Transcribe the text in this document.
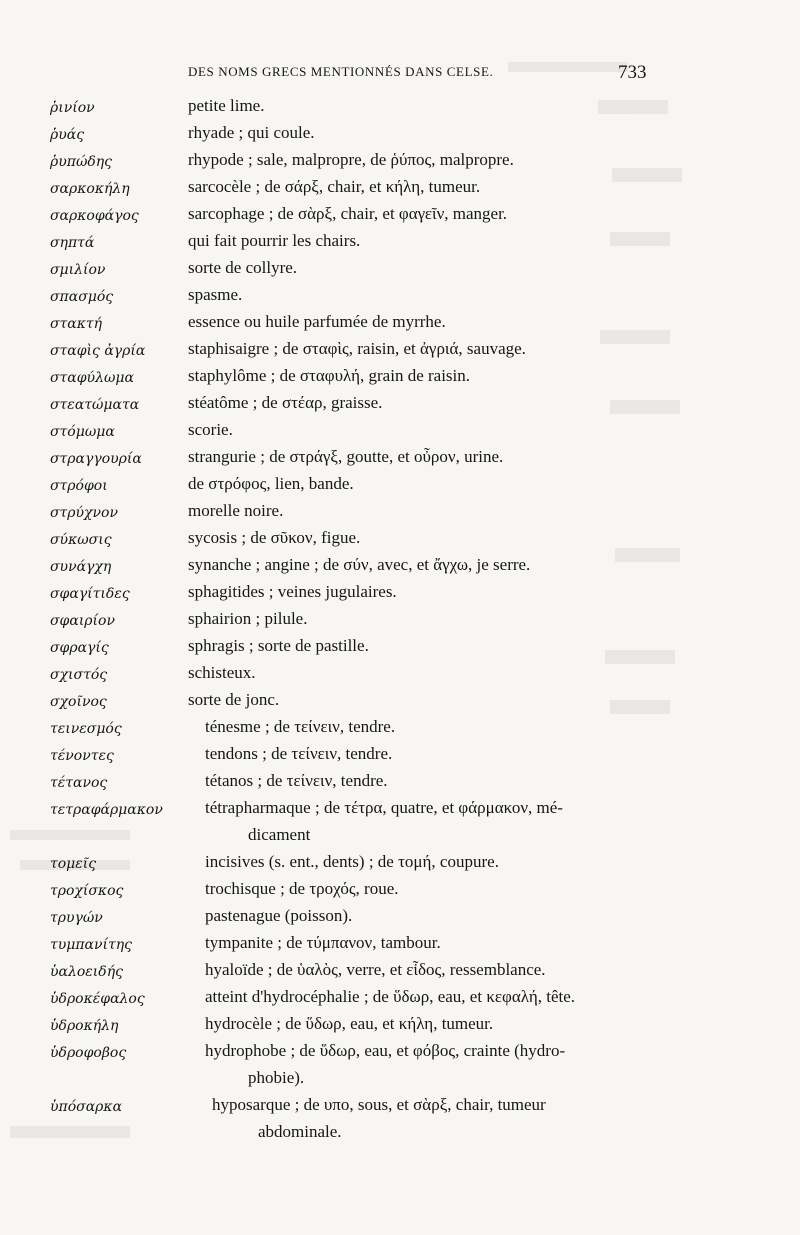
DES NOMS GRECS MENTIONNÉS DANS CELSE.	733
ῥινίον	petite lime.
ῥυάς	rhyade ; qui coule.
ῥυπώδης	rhypode ; sale, malpropre, de ῥύπος, malpropre.
σαρκοκήλη	sarcocèle ; de σάρξ, chair, et κήλη, tumeur.
σαρκοφάγος	sarcophage ; de σὰρξ, chair, et φαγεῖν, manger.
σηπτά	qui fait pourrir les chairs.
σμιλίον	sorte de collyre.
σπασμός	spasme.
στακτή	essence ou huile parfumée de myrrhe.
σταφὶς ἀγρία	staphisaigre ; de σταφὶς, raisin, et ἀγριά, sauvage.
σταφύλωμα	staphylôme ; de σταφυλή, grain de raisin.
στεατώματα	stéatôme ; de στέαρ, graisse.
στόμωμα	scorie.
στραγγουρία	strangurie ; de στράγξ, goutte, et οὖρον, urine.
στρόφοι	de στρόφος, lien, bande.
στρύχνον	morelle noire.
σύκωσις	sycosis ; de σῦκον, figue.
συνάγχη	synanche ; angine ; de σύν, avec, et ἄγχω, je serre.
σφαγίτιδες	sphagitides ; veines jugulaires.
σφαιρίον	sphairion ; pilule.
σφραγίς	sphragis ; sorte de pastille.
σχιστός	schisteux.
σχοῖνος	sorte de jonc.
τεινεσμός	ténesme ; de τείνειν, tendre.
τένοντες	tendons ; de τείνειν, tendre.
τέτανος	tétanos ; de τείνειν, tendre.
τετραφάρμακον tétrapharmaque ; de τέτρα, quatre, et φάρμακον, mé-
dicament
τομεῖς	incisives (s. ent., dents) ; de τομή, coupure.
τροχίσκος	trochisque ; de τροχός, roue.
τρυγών	pastenague (poisson).
τυμπανίτης	tympanite ; de τύμπανον, tambour.
ὑαλοειδής	hyaloïde ; de ὑαλὸς, verre, et εἶδος, ressemblance.
ὑδροκέφαλος	atteint d'hydrocéphalie ; de ὕδωρ, eau, et κεφαλή, tête.
ὑδροκήλη	hydrocèle ; de ὕδωρ, eau, et κήλη, tumeur.
ὑδροφοβος	hydrophobe ; de ὕδωρ, eau, et φόβος, crainte (hydro-
phobie).
ὑπόσαρκα	hyposarque ; de υπο, sous, et σὰρξ, chair, tumeur
abdominale.
